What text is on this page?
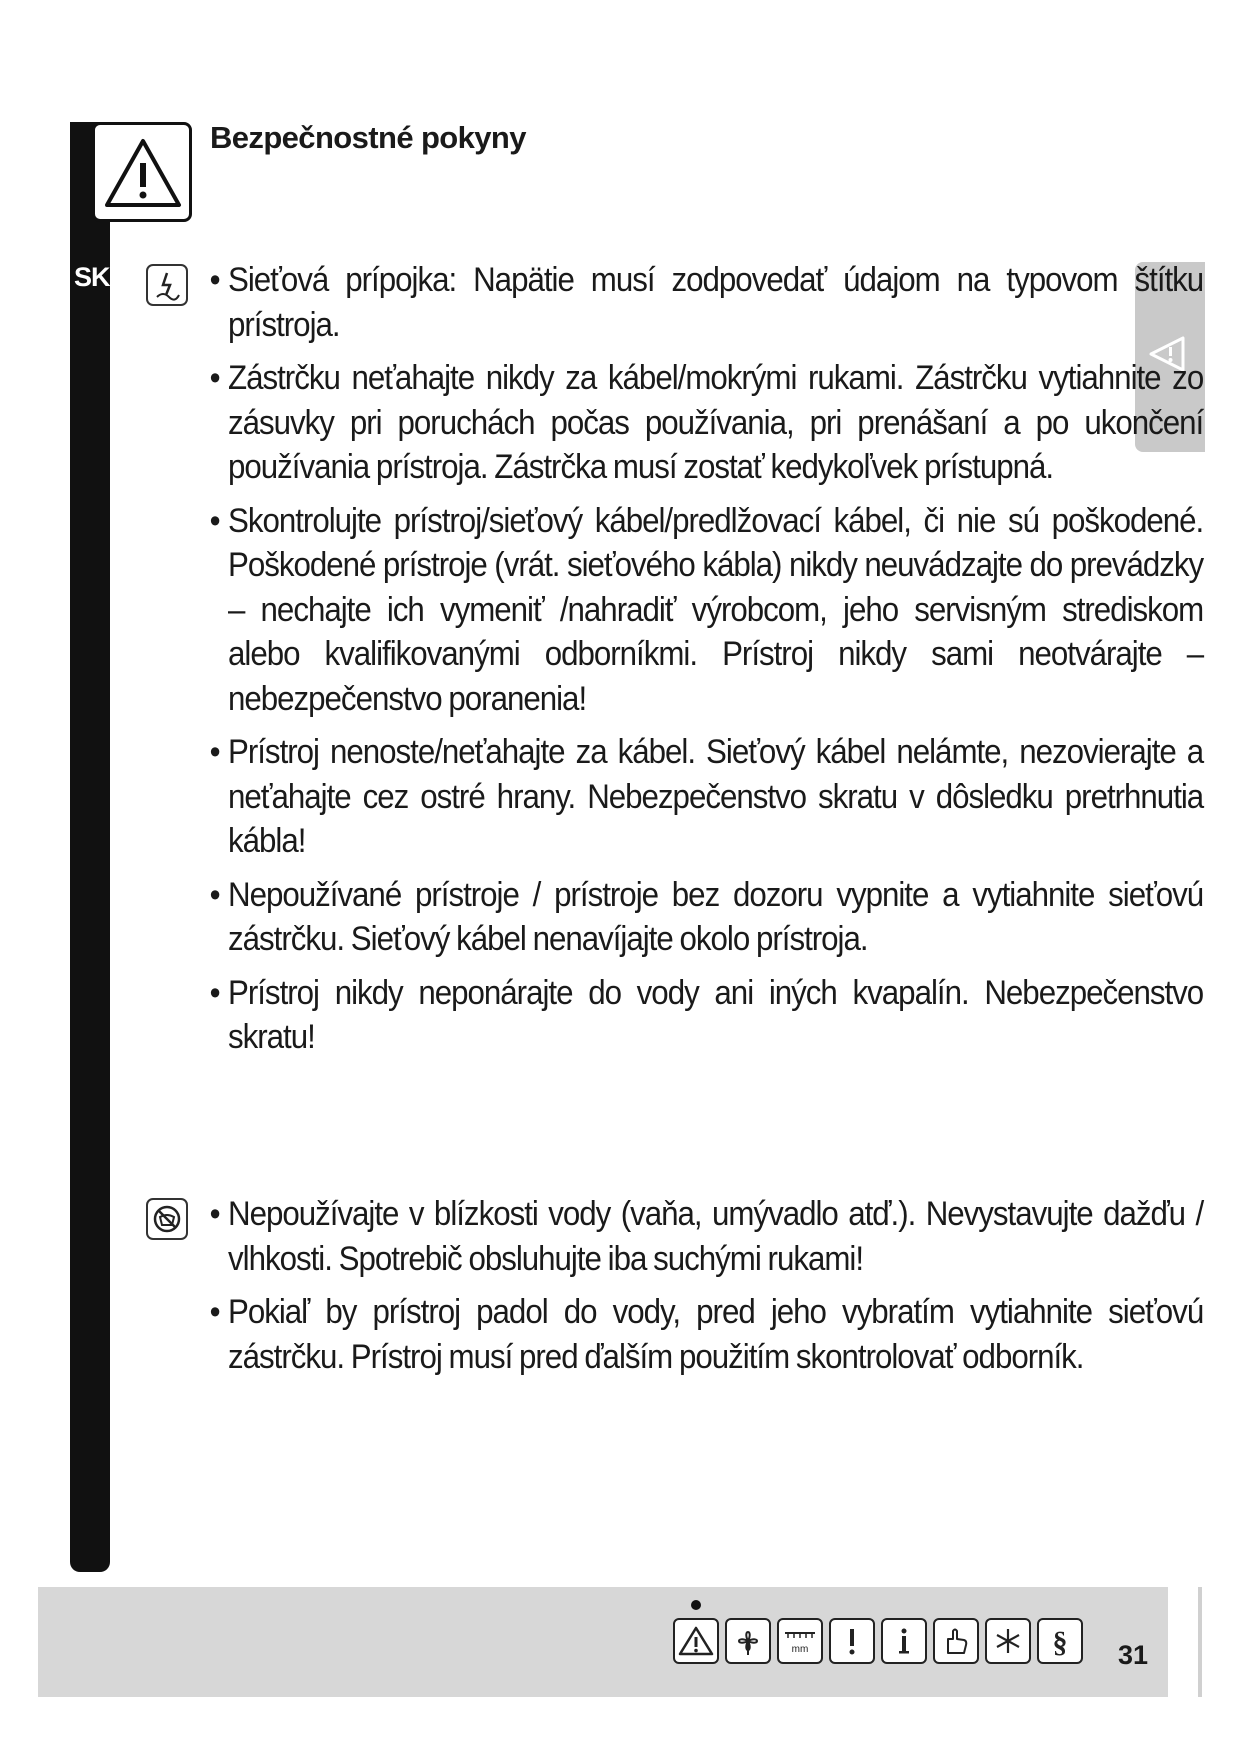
SK
Bezpečnostné pokyny
• Sieťová prípojka: Napätie musí zodpovedať údajom na typovom štítku prístroja.
• Zástrčku neťahajte nikdy za kábel/mokrými rukami. Zástrčku vytiahnite zo zásuvky pri poruchách počas používania, pri prenášaní a po ukončení používania prístroja. Zástrčka musí zostať kedykoľvek prístupná.
• Skontrolujte prístroj/sieťový kábel/predlžovací kábel, či nie sú poškodené. Poškodené prístroje (vrát. sieťového kábla) nikdy neuvádzajte do prevádzky – nechajte ich vymeniť /nahradiť výrobcom, jeho servisným strediskom alebo kvalifikovanými odborníkmi. Prístroj nikdy sami neotvárajte – nebezpečenstvo poranenia!
• Prístroj nenoste/neťahajte za kábel. Sieťový kábel nelámte, nezovierajte a neťahajte cez ostré hrany. Nebezpečenstvo skratu v dôsledku pretrhnutia kábla!
• Nepoužívané prístroje / prístroje bez dozoru vypnite a vytiahnite sieťovú zástrčku. Sieťový kábel nenavíjajte okolo prístroja.
• Prístroj nikdy neponárajte do vody ani iných kvapalín. Nebezpečenstvo skratu!
• Nepoužívajte v blízkosti vody (vaňa, umývadlo atď.). Nevystavujte dažďu / vlhkosti. Spotrebič obsluhujte iba suchými rukami!
• Pokiaľ by prístroj padol do vody, pred jeho vybratím vytiahnite sieťovú zástrčku. Prístroj musí pred ďalším použitím skontrolovať odborník.
mm	§ 31
